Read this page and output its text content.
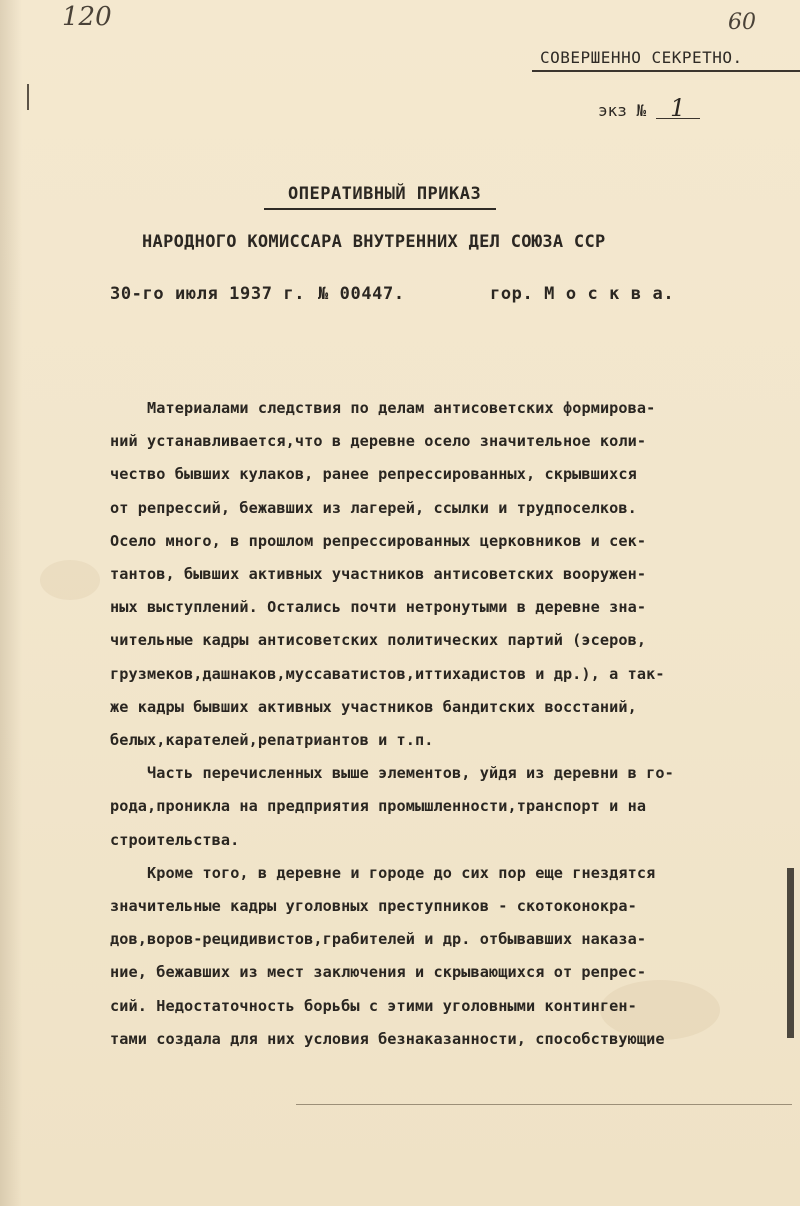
120	60
СОВЕРШЕННО СЕКРЕТНО.
экз № 1
ОПЕРАТИВНЫЙ ПРИКАЗ
НАРОДНОГО КОМИССАРА ВНУТРЕННИХ ДЕЛ СОЮЗА ССР
30-го июля 1937 г. № 00447.	гор. М о с к в а.
Материалами следствия по делам антисоветских формирова-
ний устанавливается,что в деревне осело значительное коли-
чество бывших кулаков, ранее репрессированных, скрывшихся
от репрессий, бежавших из лагерей, ссылки и трудпоселков.
Осело много, в прошлом репрессированных церковников и сек-
тантов, бывших активных участников антисоветских вооружен-
ных выступлений. Остались почти нетронутыми в деревне зна-
чительные кадры антисоветских политических партий (эсеров,
грузмеков,дашнаков,муссаватистов,иттихадистов и др.), а так-
же кадры бывших активных участников бандитских восстаний,
белых,карателей,репатриантов и т.п.
Часть перечисленных выше элементов, уйдя из деревни в го-
рода,проникла на предприятия промышленности,транспорт и на
строительства.
Кроме того, в деревне и городе до сих пор еще гнездятся
значительные кадры уголовных преступников - скотоконокра-
дов,воров-рецидивистов,грабителей и др. отбывавших наказа-
ние, бежавших из мест заключения и скрывающихся от репрес-
сий. Недостаточность борьбы с этими уголовными континген-
тами создала для них условия безнаказанности, способствующие
